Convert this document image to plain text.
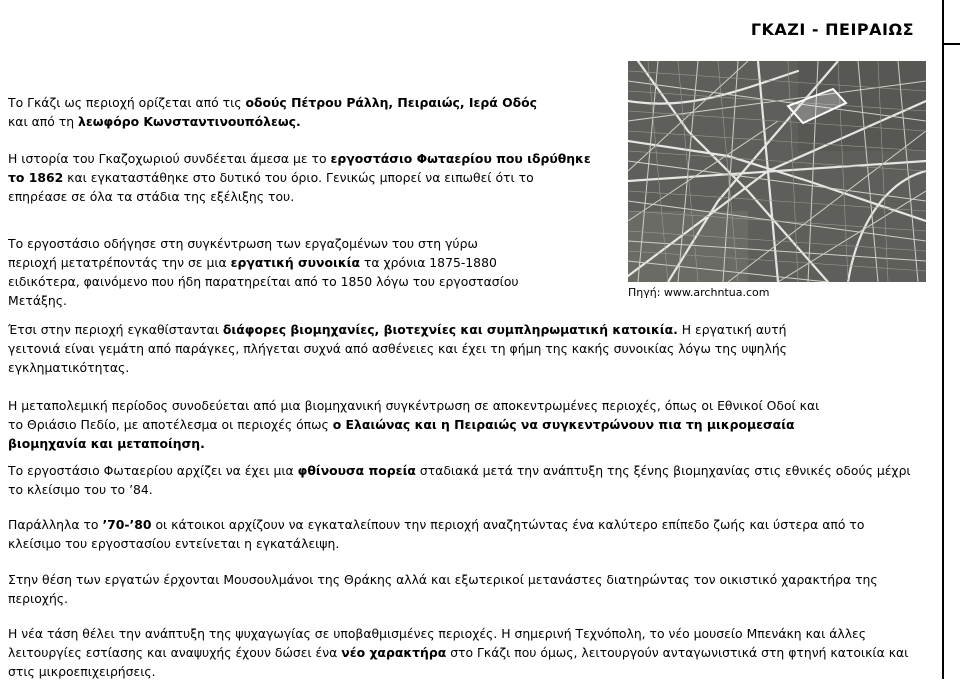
ΓΚΑΖΙ - ΠΕΙΡΑΙΩΣ

Το Γκάζι ως περιοχή ορίζεται από τις οδούς Πέτρου Ράλλη, Πειραιώς, Ιερά Οδός και από τη λεωφόρο Κωνσταντινουπόλεως.

Η ιστορία του Γκαζοχωριού συνδέεται άμεσα με το εργοστάσιο Φωταερίου που ιδρύθηκε το 1862 και εγκαταστάθηκε στο δυτικό του όριο. Γενικώς μπορεί να ειπωθεί ότι το επηρέασε σε όλα τα στάδια της εξέλιξης του.

Το εργοστάσιο οδήγησε στη συγκέντρωση των εργαζομένων του στη γύρω περιοχή μετατρέποντάς την σε μια εργατική συνοικία τα χρόνια 1875-1880 ειδικότερα, φαινόμενο που ήδη παρατηρείται από το 1850 λόγω του εργοστασίου Μετάξης.

Πηγή: www.archntua.com

Έτσι στην περιοχή εγκαθίστανται διάφορες βιομηχανίες, βιοτεχνίες και συμπληρωματική κατοικία. Η εργατική αυτή γειτονιά είναι γεμάτη από παράγκες, πλήγεται συχνά από ασθένειες και έχει τη φήμη της κακής συνοικίας λόγω της υψηλής εγκληματικότητας.

Η μεταπολεμική περίοδος συνοδεύεται από μια βιομηχανική συγκέντρωση σε αποκεντρωμένες περιοχές, όπως οι Εθνικοί Οδοί και το Θριάσιο Πεδίο, με αποτέλεσμα οι περιοχές όπως ο Ελαιώνας και η Πειραιώς να συγκεντρώνουν πια τη μικρομεσαία βιομηχανία και μεταποίηση.

Το εργοστάσιο Φωταερίου αρχίζει να έχει μια φθίνουσα πορεία σταδιακά μετά την ανάπτυξη της ξένης βιομηχανίας στις εθνικές οδούς μέχρι το κλείσιμο του το ’84.

Παράλληλα το ’70-’80 οι κάτοικοι αρχίζουν να εγκαταλείπουν την περιοχή αναζητώντας ένα καλύτερο επίπεδο ζωής και ύστερα από το κλείσιμο του εργοστασίου εντείνεται η εγκατάλειψη.

Στην θέση των εργατών έρχονται Μουσουλμάνοι της Θράκης αλλά και εξωτερικοί μετανάστες διατηρώντας τον οικιστικό χαρακτήρα της περιοχής.

Η νέα τάση θέλει την ανάπτυξη της ψυχαγωγίας σε υποβαθμισμένες περιοχές. Η σημερινή Τεχνόπολη, το νέο μουσείο Μπενάκη και άλλες λειτουργίες εστίασης και αναψυχής έχουν δώσει ένα νέο χαρακτήρα στο Γκάζι που όμως, λειτουργούν ανταγωνιστικά στη φτηνή κατοικία και στις μικροεπιχειρήσεις.
